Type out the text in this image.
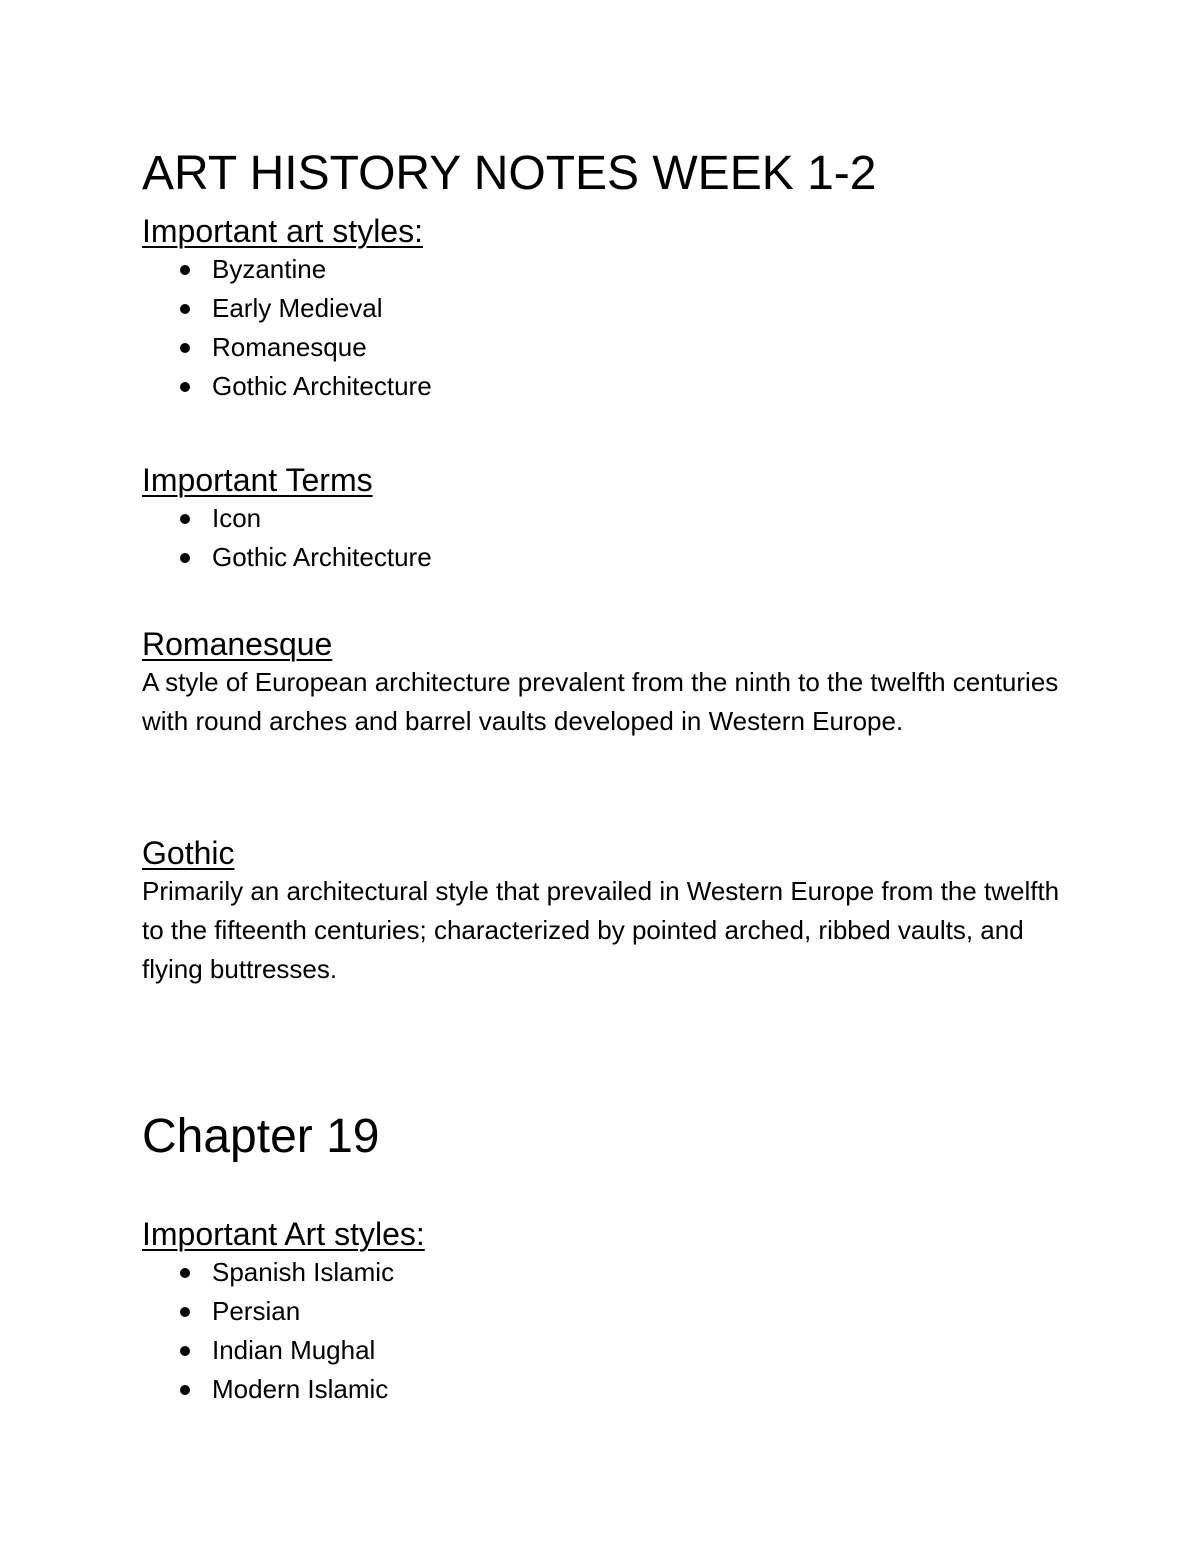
ART HISTORY NOTES WEEK 1-2
Important art styles:
Byzantine
Early Medieval
Romanesque
Gothic Architecture
Important Terms
Icon
Gothic Architecture
Romanesque

A style of European architecture prevalent from the ninth to the twelfth centuries with round arches and barrel vaults developed in Western Europe.

Gothic

Primarily an architectural style that prevailed in Western Europe from the twelfth to the fifteenth centuries; characterized by pointed arched, ribbed vaults, and flying buttresses.

Chapter 19
Important Art styles:
Spanish Islamic
Persian
Indian Mughal
Modern Islamic
